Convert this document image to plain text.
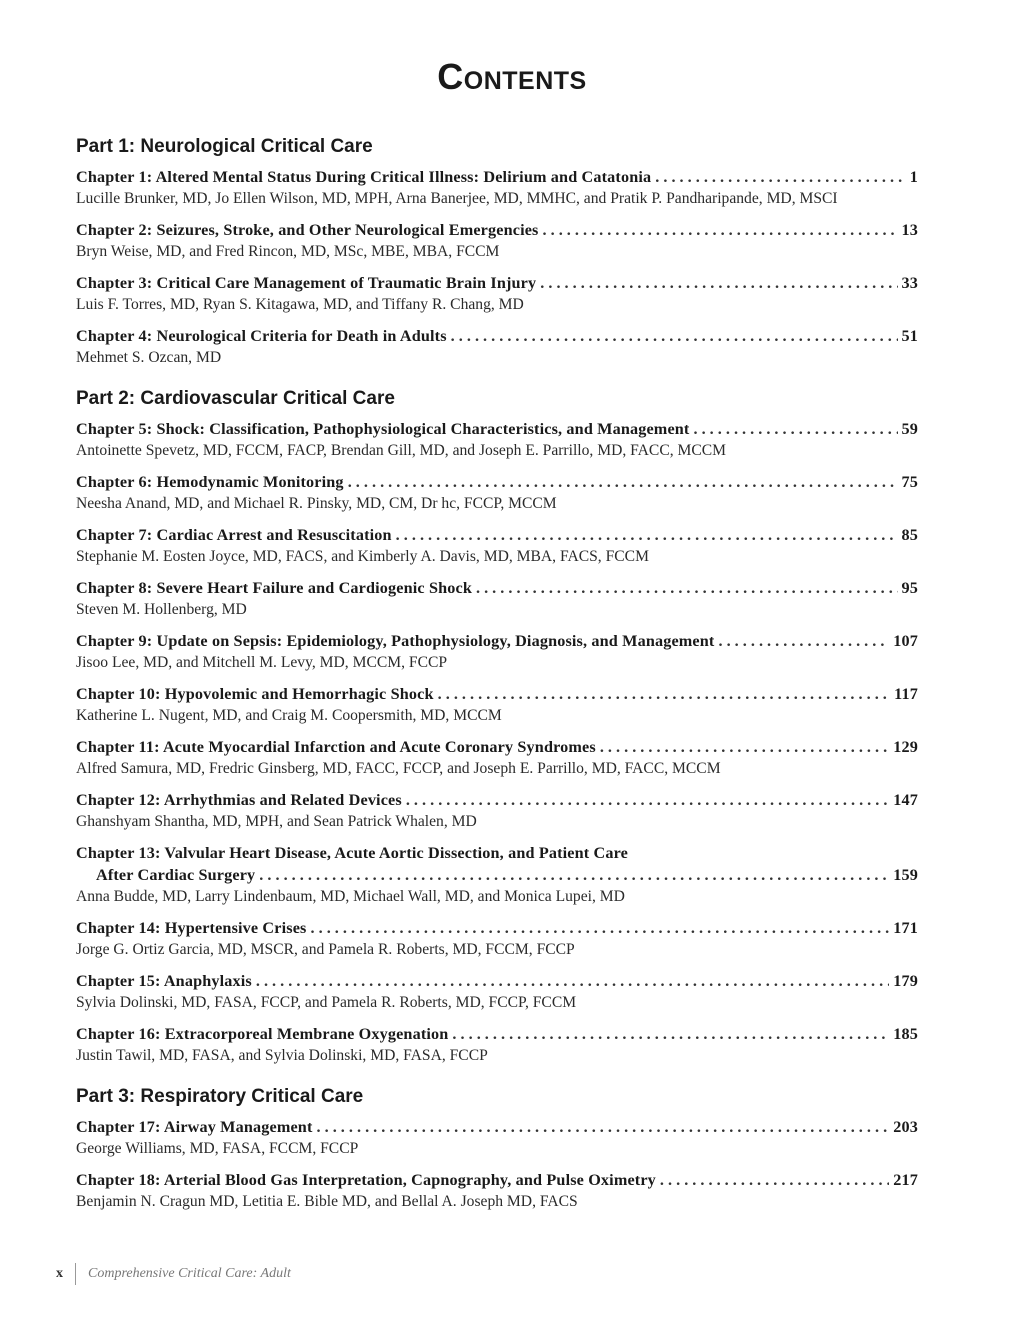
Contents
Part 1: Neurological Critical Care
Chapter 1: Altered Mental Status During Critical Illness: Delirium and Catatonia . . .	1
Lucille Brunker, MD, Jo Ellen Wilson, MD, MPH, Arna Banerjee, MD, MMHC, and Pratik P. Pandharipande, MD, MSCI
Chapter 2: Seizures, Stroke, and Other Neurological Emergencies . . .	13
Bryn Weise, MD, and Fred Rincon, MD, MSc, MBE, MBA, FCCM
Chapter 3: Critical Care Management of Traumatic Brain Injury . . .	33
Luis F. Torres, MD, Ryan S. Kitagawa, MD, and Tiffany R. Chang, MD
Chapter 4: Neurological Criteria for Death in Adults . . .	51
Mehmet S. Ozcan, MD
Part 2: Cardiovascular Critical Care
Chapter 5: Shock: Classification, Pathophysiological Characteristics, and Management . . .	59
Antoinette Spevetz, MD, FCCM, FACP, Brendan Gill, MD, and Joseph E. Parrillo, MD, FACC, MCCM
Chapter 6: Hemodynamic Monitoring . . .	75
Neesha Anand, MD, and Michael R. Pinsky, MD, CM, Dr hc, FCCP, MCCM
Chapter 7: Cardiac Arrest and Resuscitation . . .	85
Stephanie M. Eosten Joyce, MD, FACS, and Kimberly A. Davis, MD, MBA, FACS, FCCM
Chapter 8: Severe Heart Failure and Cardiogenic Shock . . .	95
Steven M. Hollenberg, MD
Chapter 9: Update on Sepsis: Epidemiology, Pathophysiology, Diagnosis, and Management . . .	107
Jisoo Lee, MD, and Mitchell M. Levy, MD, MCCM, FCCP
Chapter 10: Hypovolemic and Hemorrhagic Shock . . .	117
Katherine L. Nugent, MD, and Craig M. Coopersmith, MD, MCCM
Chapter 11: Acute Myocardial Infarction and Acute Coronary Syndromes . . .	129
Alfred Samura, MD, Fredric Ginsberg, MD, FACC, FCCP, and Joseph E. Parrillo, MD, FACC, MCCM
Chapter 12: Arrhythmias and Related Devices . . .	147
Ghanshyam Shantha, MD, MPH, and Sean Patrick Whalen, MD
Chapter 13: Valvular Heart Disease, Acute Aortic Dissection, and Patient Care
After Cardiac Surgery . . .	159
Anna Budde, MD, Larry Lindenbaum, MD, Michael Wall, MD, and Monica Lupei, MD
Chapter 14: Hypertensive Crises . . .	171
Jorge G. Ortiz Garcia, MD, MSCR, and Pamela R. Roberts, MD, FCCM, FCCP
Chapter 15: Anaphylaxis . . .	179
Sylvia Dolinski, MD, FASA, FCCP, and Pamela R. Roberts, MD, FCCP, FCCM
Chapter 16: Extracorporeal Membrane Oxygenation . . .	185
Justin Tawil, MD, FASA, and Sylvia Dolinski, MD, FASA, FCCP
Part 3: Respiratory Critical Care
Chapter 17: Airway Management . . .	203
George Williams, MD, FASA, FCCM, FCCP
Chapter 18: Arterial Blood Gas Interpretation, Capnography, and Pulse Oximetry . . .	217
Benjamin N. Cragun MD, Letitia E. Bible MD, and Bellal A. Joseph MD, FACS
x Comprehensive Critical Care: Adult
